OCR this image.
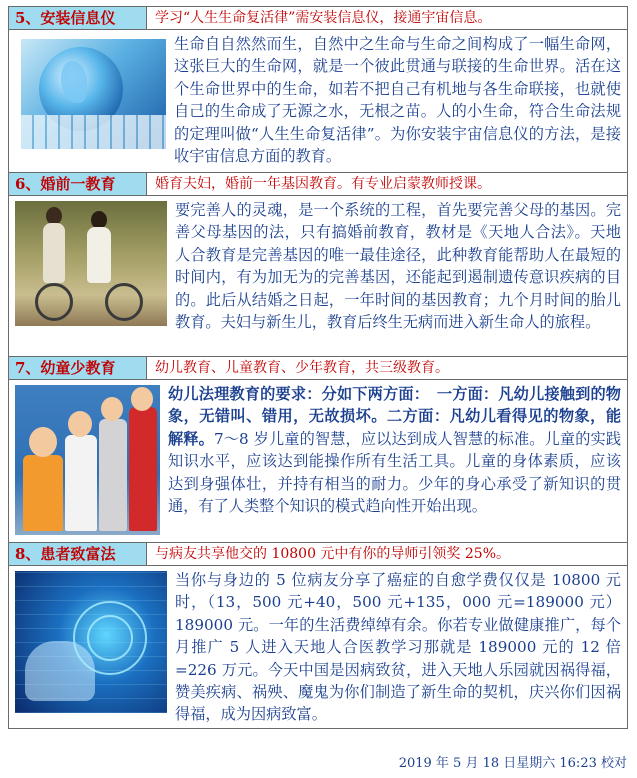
5、安装信息仪	学习“人生生命复活律”需安装信息仪，接通宇宙信息。

生命自自然然而生，自然中之生命与生命之间构成了一幅生命网，这张巨大的生命网，就是一个彼此贯通与联接的生命世界。活在这个生命世界中的生命，如若不把自己有机地与各生命联接，也就使自己的生命成了无源之水，无根之苗。人的小生命，符合生命法规的定理叫做“人生生命复活律”。为你安装宇宙信息仪的方法，是接收宇宙信息方面的教育。

6、婚前一教育	婚育夫妇，婚前一年基因教育。有专业启蒙教师授课。

要完善人的灵魂，是一个系统的工程，首先要完善父母的基因。完善父母基因的法，只有搞婚前教育，教材是《天地人合法》。天地人合教育是完善基因的唯一最佳途径，此种教育能帮助人在最短的时间内，有为加无为的完善基因，还能起到遏制遗传意识疾病的目的。此后从结婚之日起，一年时间的基因教育；九个月时间的胎儿教育。夫妇与新生儿，教育后终生无病而进入新生命人的旅程。

7、幼童少教育	幼儿教育、儿童教育、少年教育，共三级教育。

幼儿法理教育的要求：分如下两方面：　一方面：凡幼儿接触到的物象，无错叫、错用，无故损坏。二方面：凡幼儿看得见的物象，能解释。7～8 岁儿童的智慧，应以达到成人智慧的标准。儿童的实践知识水平，应该达到能操作所有生活工具。儿童的身体素质，应该达到身强体壮，并持有相当的耐力。少年的身心承受了新知识的贯通，有了人类整个知识的模式趋向性开始出现。

8、患者致富法	与病友共享他交的 10800 元中有你的导师引领奖 25%。

当你与身边的 5 位病友分享了癌症的自愈学费仅仅是 10800 元时，（13，500 元+40，500 元+135，000 元=189000 元）189000 元。一年的生活费绰绰有余。你若专业做健康推广，每个月推广 5 人进入天地人合医教学习那就是 189000 元的 12 倍=226 万元。今天中国是因病致贫，进入天地人乐园就因祸得福，赞美疾病、祸殃、魔鬼为你们制造了新生命的契机，庆兴你们因祸得福，成为因病致富。

2019 年 5 月 18 日星期六 16:23 校对
